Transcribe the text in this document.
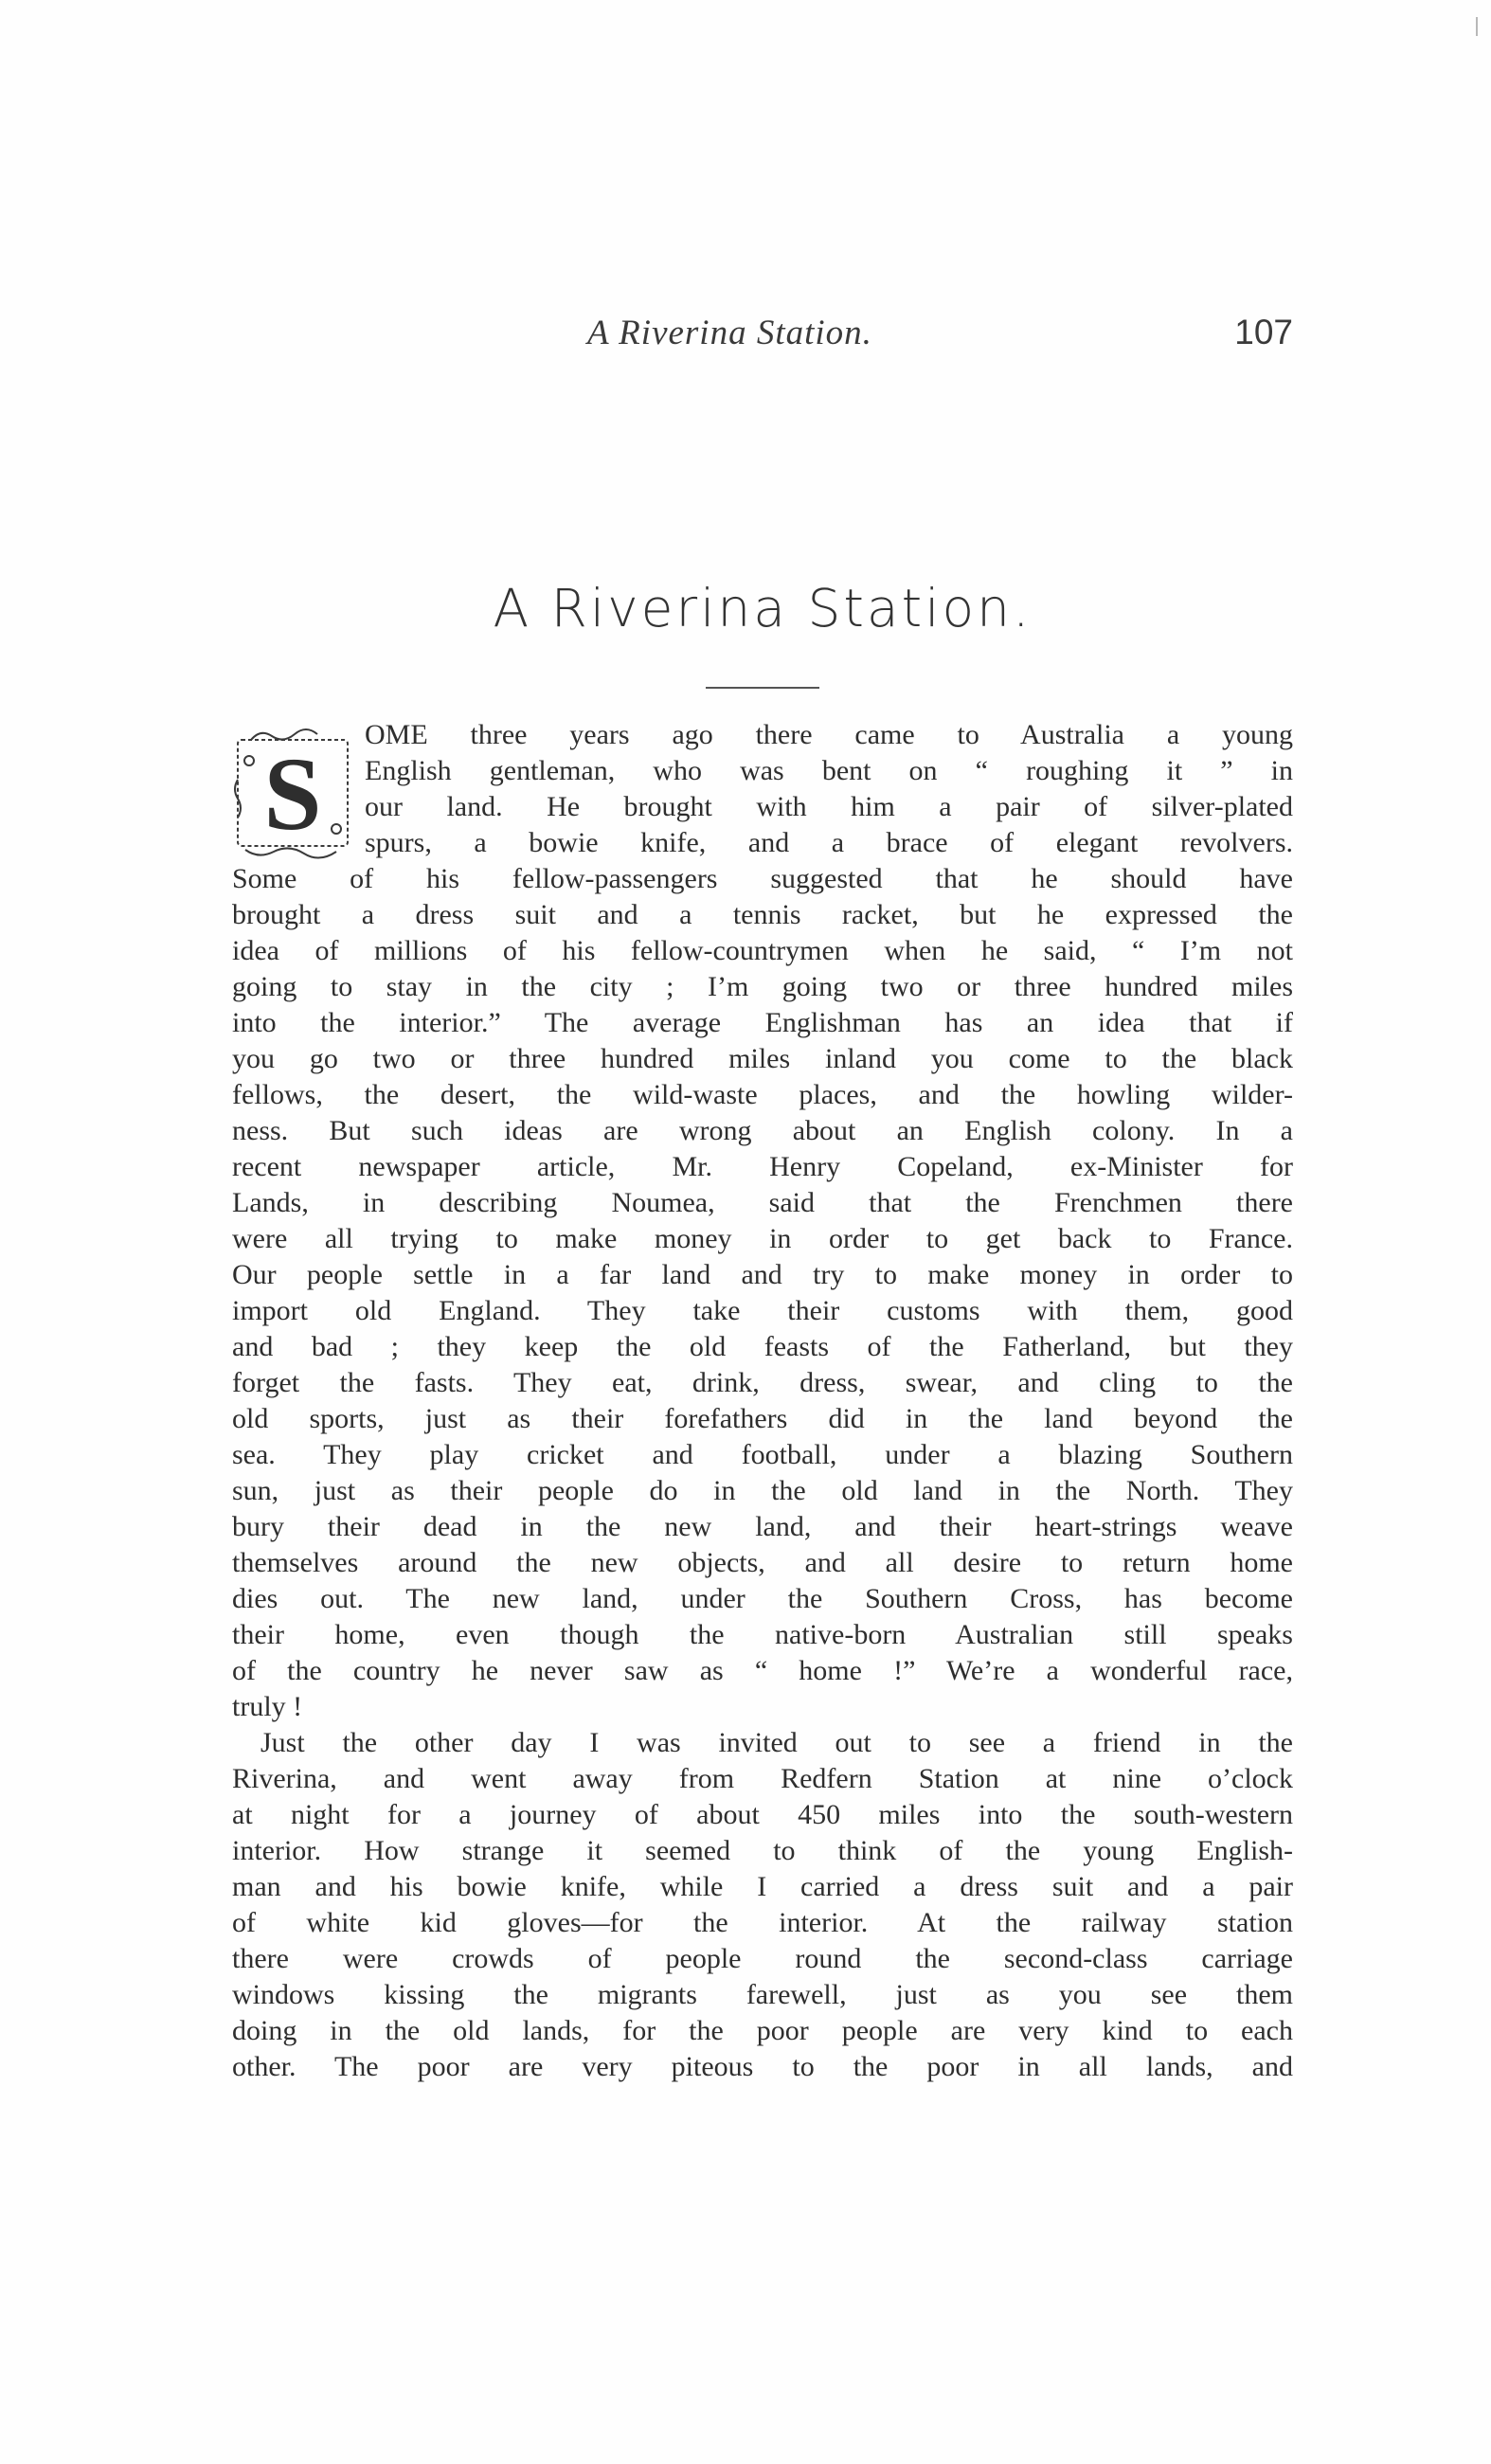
A Riverina Station.	107
A Riverina Station.
S
OME three years ago there came to Australia a young
English gentleman, who was bent on “ roughing it ” in
our land. He brought with him a pair of silver-plated
spurs, a bowie knife, and a brace of elegant revolvers.
Some of his fellow-passengers suggested that he should have
brought a dress suit and a tennis racket, but he expressed the
idea of millions of his fellow-countrymen when he said, “ I’m not
going to stay in the city ; I’m going two or three hundred miles
into the interior.” The average Englishman has an idea that if
you go two or three hundred miles inland you come to the black
fellows, the desert, the wild-waste places, and the howling wilder-
ness. But such ideas are wrong about an English colony. In a
recent newspaper article, Mr. Henry Copeland, ex-Minister for
Lands, in describing Noumea, said that the Frenchmen there
were all trying to make money in order to get back to France.
Our people settle in a far land and try to make money in order to
import old England. They take their customs with them, good
and bad ; they keep the old feasts of the Fatherland, but they
forget the fasts. They eat, drink, dress, swear, and cling to the
old sports, just as their forefathers did in the land beyond the
sea. They play cricket and football, under a blazing Southern
sun, just as their people do in the old land in the North. They
bury their dead in the new land, and their heart-strings weave
themselves around the new objects, and all desire to return home
dies out. The new land, under the Southern Cross, has become
their home, even though the native-born Australian still speaks
of the country he never saw as “ home !” We’re a wonderful race,
truly !
Just the other day I was invited out to see a friend in the
Riverina, and went away from Redfern Station at nine o’clock
at night for a journey of about 450 miles into the south-western
interior. How strange it seemed to think of the young English-
man and his bowie knife, while I carried a dress suit and a pair
of white kid gloves—for the interior. At the railway station
there were crowds of people round the second-class carriage
windows kissing the migrants farewell, just as you see them
doing in the old lands, for the poor people are very kind to each
other. The poor are very piteous to the poor in all lands, and
